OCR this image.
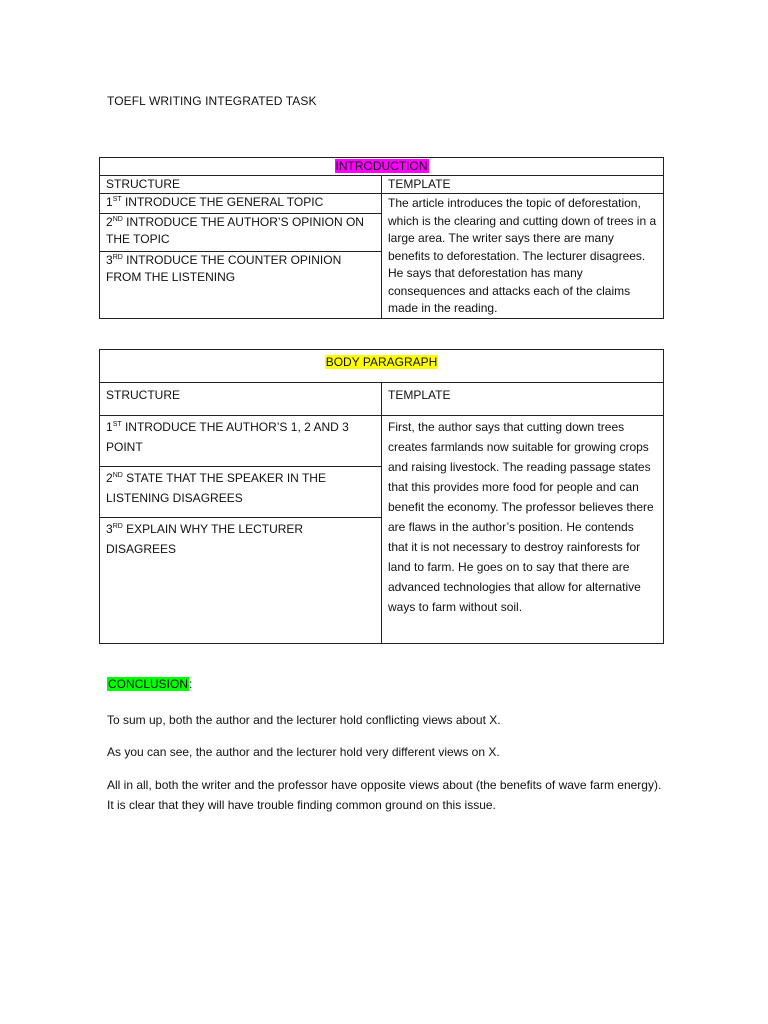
TOEFL WRITING INTEGRATED TASK
INTRODUCTION	
STRUCTURE	TEMPLATE
1ST INTRODUCE THE GENERAL TOPIC	The article introduces the topic of deforestation, which is the clearing and cutting down of trees in a large area. The writer says there are many benefits to deforestation. The lecturer disagrees. He says that deforestation has many consequences and attacks each of the claims made in the reading.
2ND INTRODUCE THE AUTHOR’S OPINION ON THE TOPIC	
3RD INTRODUCE THE COUNTER OPINION FROM THE LISTENING	
BODY PARAGRAPH	
STRUCTURE	TEMPLATE
1ST INTRODUCE THE AUTHOR’S 1, 2 AND 3 POINT	First, the author says that cutting down trees creates farmlands now suitable for growing crops and raising livestock. The reading passage states that this provides more food for people and can benefit the economy. The professor believes there are flaws in the author’s position. He contends that it is not necessary to destroy rainforests for land to farm. He goes on to say that there are advanced technologies that allow for alternative ways to farm without soil.
2ND STATE THAT THE SPEAKER IN THE LISTENING DISAGREES	
3RD EXPLAIN WHY THE LECTURER DISAGREES	
CONCLUSION:
To sum up, both the author and the lecturer hold conflicting views about X.
As you can see, the author and the lecturer hold very different views on X.
All in all, both the writer and the professor have opposite views about (the benefits of wave farm energy). It is clear that they will have trouble finding common ground on this issue.
